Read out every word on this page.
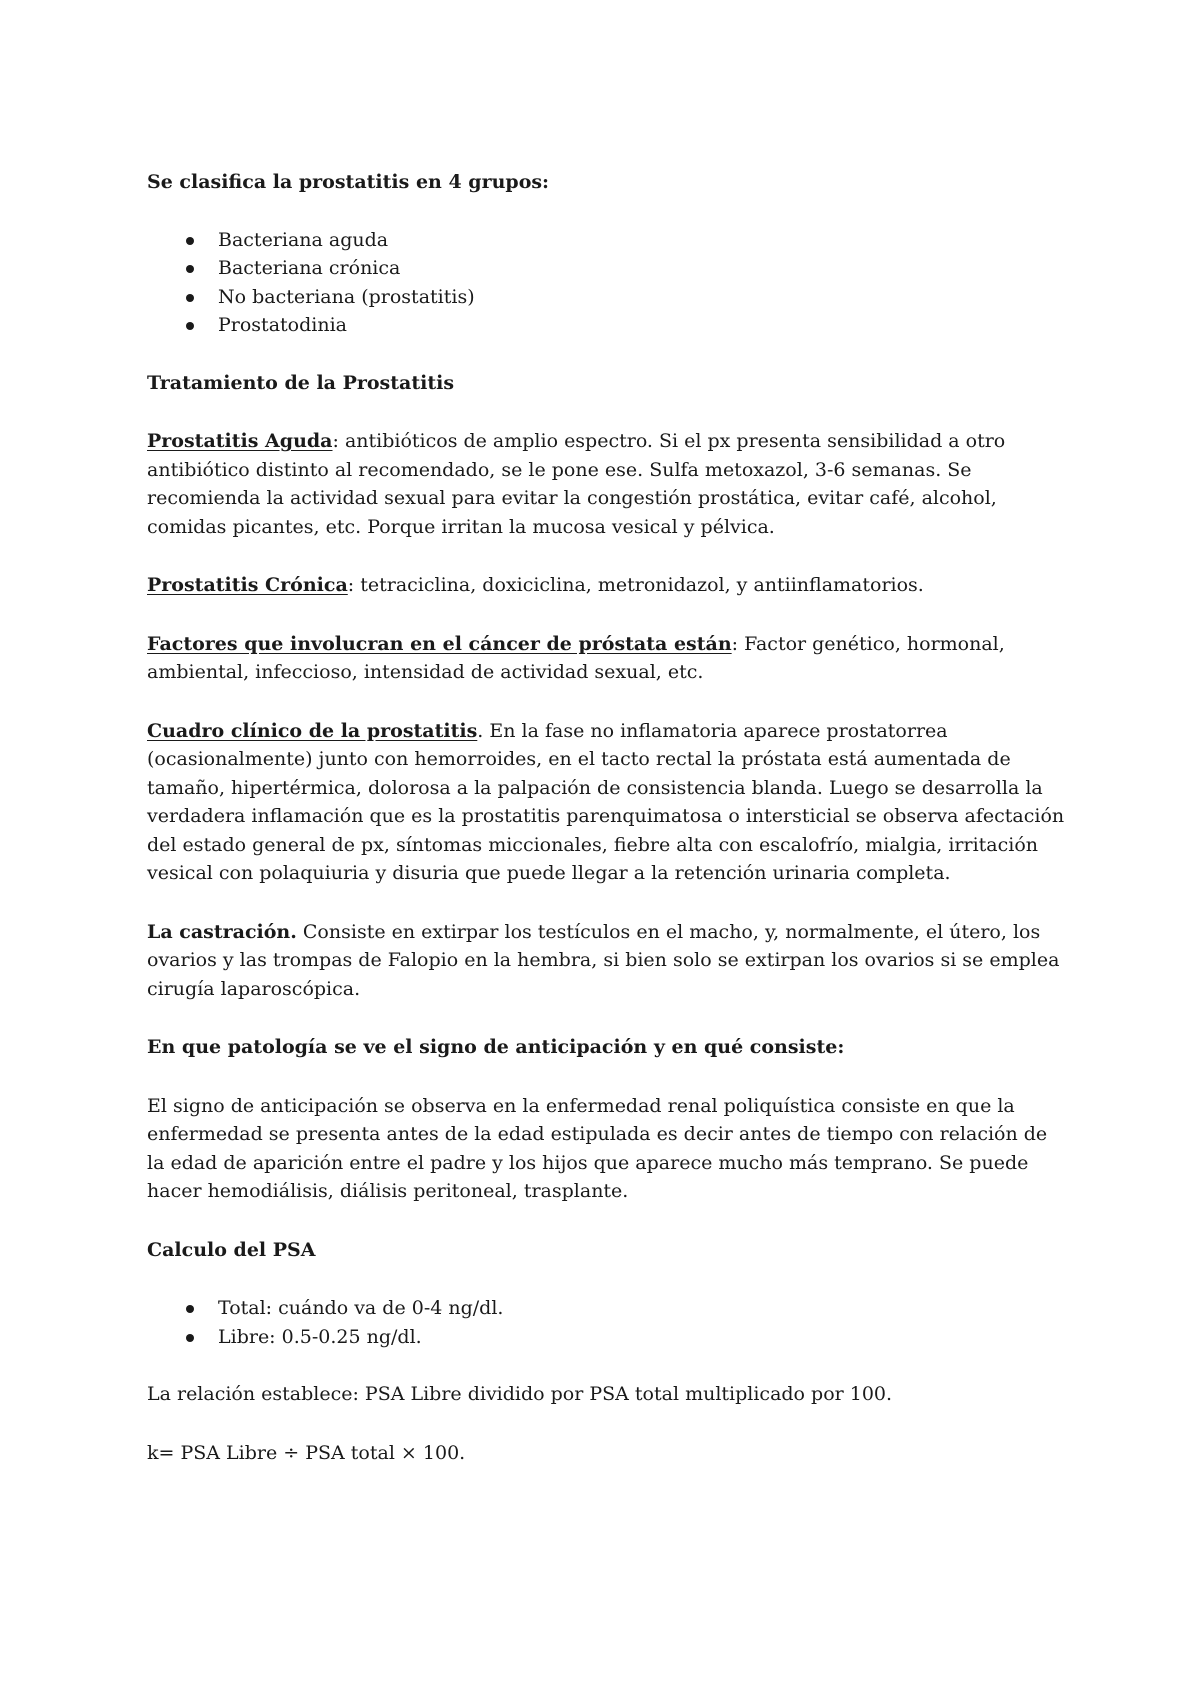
Se clasifica la prostatitis en 4 grupos:

Bacteriana aguda
Bacteriana crónica
No bacteriana (prostatitis)
Prostatodinia

Tratamiento de la Prostatitis

Prostatitis Aguda: antibióticos de amplio espectro. Si el px presenta sensibilidad a otro antibiótico distinto al recomendado, se le pone ese. Sulfa metoxazol, 3-6 semanas. Se recomienda la actividad sexual para evitar la congestión prostática, evitar café, alcohol, comidas picantes, etc. Porque irritan la mucosa vesical y pélvica.

Prostatitis Crónica: tetraciclina, doxiciclina, metronidazol, y antiinflamatorios.

Factores que involucran en el cáncer de próstata están: Factor genético, hormonal, ambiental, infeccioso, intensidad de actividad sexual, etc.

Cuadro clínico de la prostatitis. En la fase no inflamatoria aparece prostatorrea (ocasionalmente) junto con hemorroides, en el tacto rectal la próstata está aumentada de tamaño, hipertérmica, dolorosa a la palpación de consistencia blanda. Luego se desarrolla la verdadera inflamación que es la prostatitis parenquimatosa o intersticial se observa afectación del estado general de px, síntomas miccionales, fiebre alta con escalofrío, mialgia, irritación vesical con polaquiuria y disuria que puede llegar a la retención urinaria completa.

La castración. Consiste en extirpar los testículos en el macho, y, normalmente, el útero, los ovarios y las trompas de Falopio en la hembra, si bien solo se extirpan los ovarios si se emplea cirugía laparoscópica.

En que patología se ve el signo de anticipación y en qué consiste:

El signo de anticipación se observa en la enfermedad renal poliquística consiste en que la enfermedad se presenta antes de la edad estipulada es decir antes de tiempo con relación de la edad de aparición entre el padre y los hijos que aparece mucho más temprano. Se puede hacer hemodiálisis, diálisis peritoneal, trasplante.

Calculo del PSA

Total: cuándo va de 0-4 ng/dl.
Libre: 0.5-0.25 ng/dl.

La relación establece: PSA Libre dividido por PSA total multiplicado por 100.

k= PSA Libre ÷ PSA total × 100.
